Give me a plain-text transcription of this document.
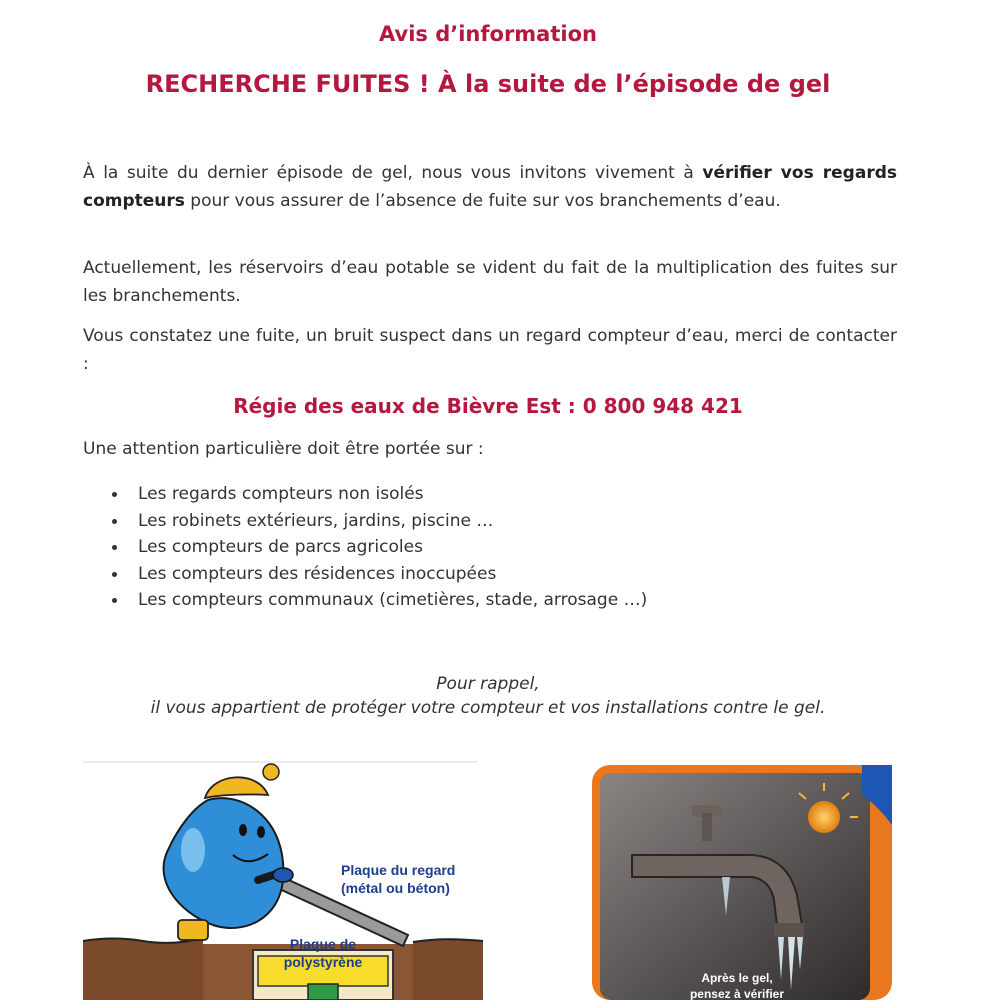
Avis d’information
RECHERCHE FUITES ! À la suite de l’épisode de gel

À la suite du dernier épisode de gel, nous vous invitons vivement à vérifier vos regards compteurs pour vous assurer de l’absence de fuite sur vos branchements d’eau.

Actuellement, les réservoirs d’eau potable se vident du fait de la multiplication des fuites sur les branchements.

Vous constatez une fuite, un bruit suspect dans un regard compteur d’eau, merci de contacter :

Régie des eaux de Bièvre Est : 0 800 948 421
Une attention particulière doit être portée sur :
Les regards compteurs non isolés
Les robinets extérieurs, jardins, piscine …
Les compteurs de parcs agricoles
Les compteurs des résidences inoccupées
Les compteurs communaux (cimetières, stade, arrosage …)
Pour rappel,
il vous appartient de protéger votre compteur et vos installations contre le gel.
Plaque du regard
(métal ou béton)
Plaque de
polystyrène
Après le gel,
pensez à vérifier
